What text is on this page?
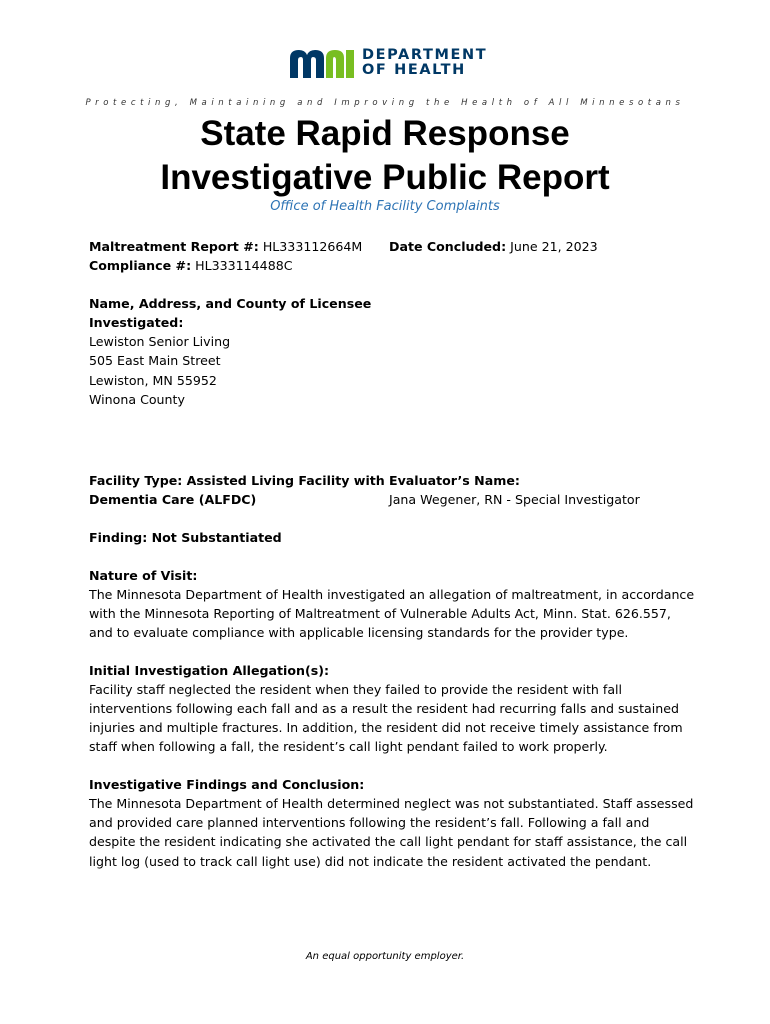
DEPARTMENT
OF HEALTH
Protecting, Maintaining and Improving the Health of All Minnesotans
State Rapid Response
Investigative Public Report
Office of Health Facility Complaints
Maltreatment Report #: HL333112664M
Compliance #: HL333114488C
Date Concluded: June 21, 2023
Name, Address, and County of Licensee
Investigated:
Lewiston Senior Living
505 East Main Street
Lewiston, MN 55952
Winona County
Facility Type: Assisted Living Facility with
Dementia Care (ALFDC)
Evaluator’s Name:
Jana Wegener, RN - Special Investigator
Finding: Not Substantiated
Nature of Visit:
The Minnesota Department of Health investigated an allegation of maltreatment, in accordance
with the Minnesota Reporting of Maltreatment of Vulnerable Adults Act, Minn. Stat. 626.557,
and to evaluate compliance with applicable licensing standards for the provider type.
Initial Investigation Allegation(s):
Facility staff neglected the resident when they failed to provide the resident with fall
interventions following each fall and as a result the resident had recurring falls and sustained
injuries and multiple fractures. In addition, the resident did not receive timely assistance from
staff when following a fall, the resident’s call light pendant failed to work properly.
Investigative Findings and Conclusion:
The Minnesota Department of Health determined neglect was not substantiated. Staff assessed
and provided care planned interventions following the resident’s fall. Following a fall and
despite the resident indicating she activated the call light pendant for staff assistance, the call
light log (used to track call light use) did not indicate the resident activated the pendant.
An equal opportunity employer.
